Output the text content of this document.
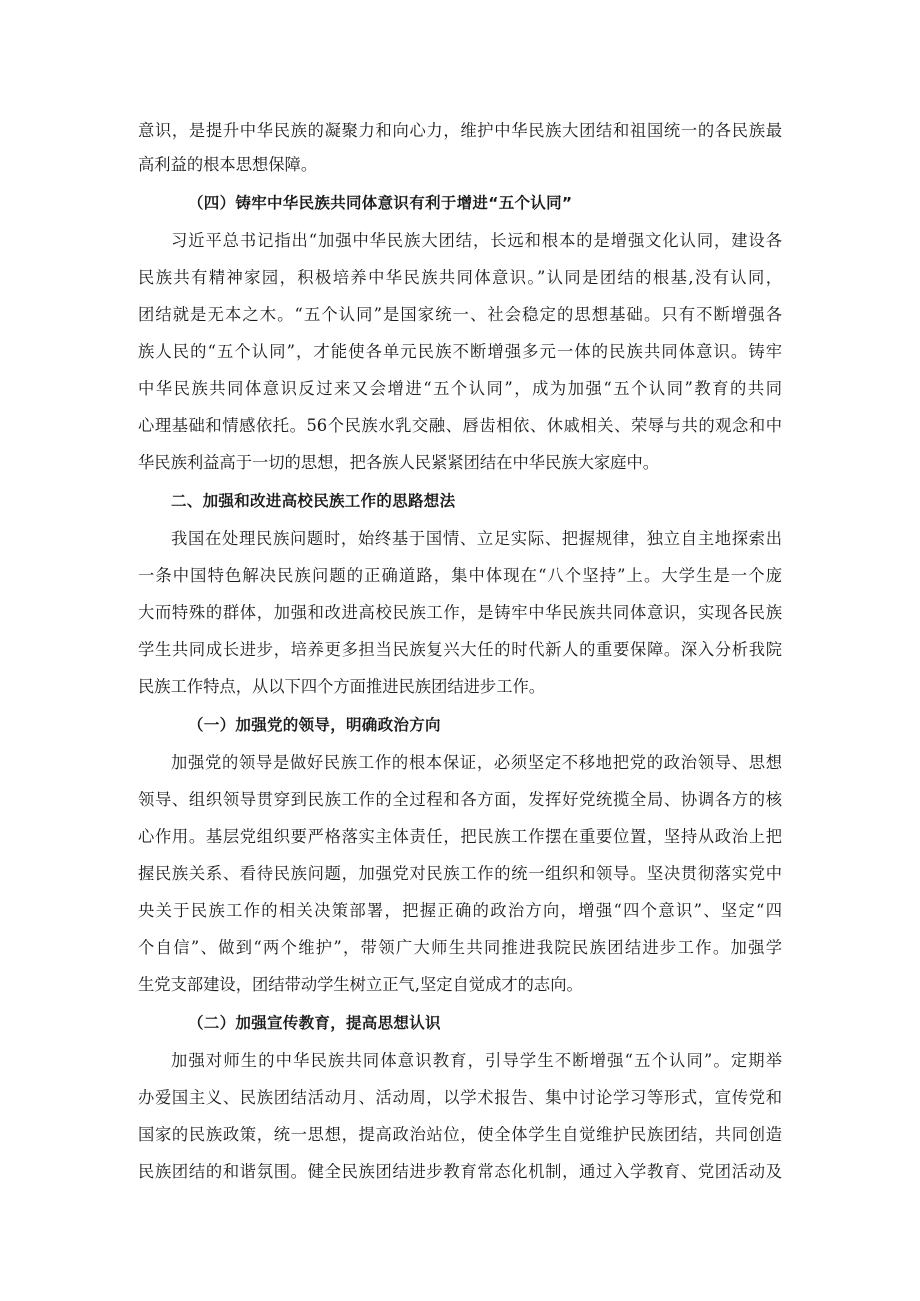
意识，是提升中华民族的凝聚力和向心力，维护中华民族大团结和祖国统一的各民族最
高利益的根本思想保障。
（四）铸牢中华民族共同体意识有利于增进“五个认同”
习近平总书记指出“加强中华民族大团结，长远和根本的是增强文化认同，建设各
民族共有精神家园，积极培养中华民族共同体意识。”认同是团结的根基,没有认同，
团结就是无本之木。“五个认同”是国家统一、社会稳定的思想基础。只有不断增强各
族人民的“五个认同”，才能使各单元民族不断增强多元一体的民族共同体意识。铸牢
中华民族共同体意识反过来又会增进“五个认同”，成为加强“五个认同”教育的共同
心理基础和情感依托。56个民族水乳交融、唇齿相依、休戚相关、荣辱与共的观念和中
华民族利益高于一切的思想，把各族人民紧紧团结在中华民族大家庭中。
二、加强和改进高校民族工作的思路想法
我国在处理民族问题时，始终基于国情、立足实际、把握规律，独立自主地探索出
一条中国特色解决民族问题的正确道路，集中体现在“八个坚持”上。大学生是一个庞
大而特殊的群体，加强和改进高校民族工作，是铸牢中华民族共同体意识，实现各民族
学生共同成长进步，培养更多担当民族复兴大任的时代新人的重要保障。深入分析我院
民族工作特点，从以下四个方面推进民族团结进步工作。
（一）加强党的领导，明确政治方向
加强党的领导是做好民族工作的根本保证，必须坚定不移地把党的政治领导、思想
领导、组织领导贯穿到民族工作的全过程和各方面，发挥好党统揽全局、协调各方的核
心作用。基层党组织要严格落实主体责任，把民族工作摆在重要位置，坚持从政治上把
握民族关系、看待民族问题，加强党对民族工作的统一组织和领导。坚决贯彻落实党中
央关于民族工作的相关决策部署，把握正确的政治方向，增强“四个意识”、坚定“四
个自信”、做到“两个维护”，带领广大师生共同推进我院民族团结进步工作。加强学
生党支部建设，团结带动学生树立正气,坚定自觉成才的志向。
（二）加强宣传教育，提高思想认识
加强对师生的中华民族共同体意识教育，引导学生不断增强“五个认同”。定期举
办爱国主义、民族团结活动月、活动周，以学术报告、集中讨论学习等形式，宣传党和
国家的民族政策，统一思想，提高政治站位，使全体学生自觉维护民族团结，共同创造
民族团结的和谐氛围。健全民族团结进步教育常态化机制，通过入学教育、党团活动及
